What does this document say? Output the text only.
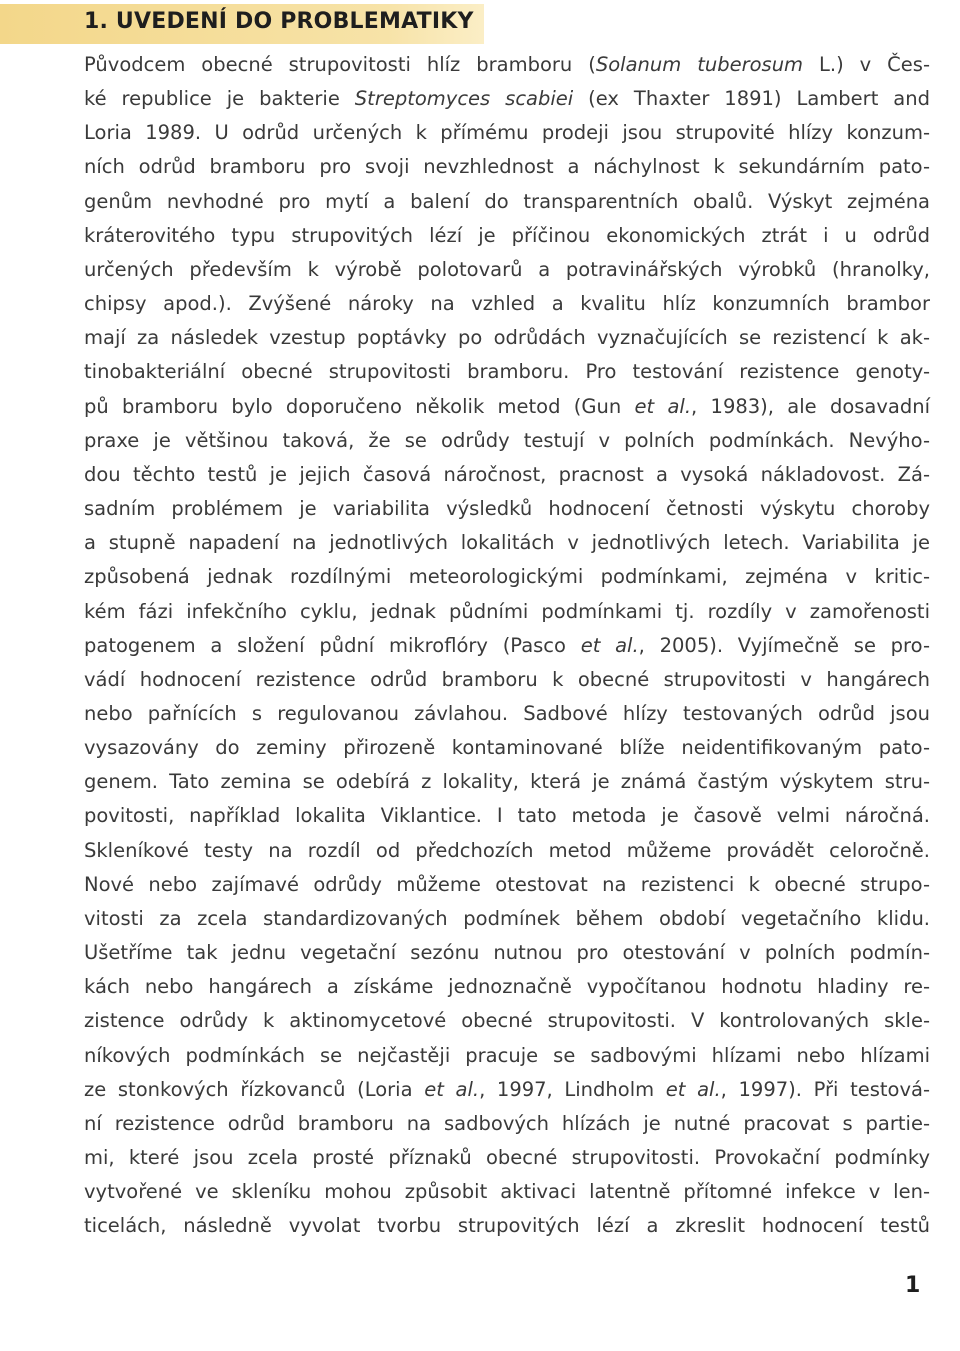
1. UVEDENÍ DO PROBLEMATIKY
Původcem obecné strupovitosti hlíz bramboru (Solanum tuberosum L.) v Čes-
ké republice je bakterie Streptomyces scabiei (ex Thaxter 1891) Lambert and
Loria 1989. U odrůd určených k přímému prodeji jsou strupovité hlízy konzum-
ních odrůd bramboru pro svoji nevzhlednost a náchylnost k sekundárním pato-
genům nevhodné pro mytí a balení do transparentních obalů. Výskyt zejména
kráterovitého typu strupovitých lézí je příčinou ekonomických ztrát i u odrůd
určených především k výrobě polotovarů a potravinářských výrobků (hranolky,
chipsy apod.). Zvýšené nároky na vzhled a kvalitu hlíz konzumních brambor
mají za následek vzestup poptávky po odrůdách vyznačujících se rezistencí k ak-
tinobakteriální obecné strupovitosti bramboru. Pro testování rezistence genoty-
pů bramboru bylo doporučeno několik metod (Gun et al., 1983), ale dosavadní
praxe je většinou taková, že se odrůdy testují v polních podmínkách. Nevýho-
dou těchto testů je jejich časová náročnost, pracnost a vysoká nákladovost. Zá-
sadním problémem je variabilita výsledků hodnocení četnosti výskytu choroby
a stupně napadení na jednotlivých lokalitách v jednotlivých letech. Variabilita je
způsobená jednak rozdílnými meteorologickými podmínkami, zejména v kritic-
kém fázi infekčního cyklu, jednak půdními podmínkami tj. rozdíly v zamořenosti
patogenem a složení půdní mikroflóry (Pasco et al., 2005). Vyjímečně se pro-
vádí hodnocení rezistence odrůd bramboru k obecné strupovitosti v hangárech
nebo pařnících s regulovanou závlahou. Sadbové hlízy testovaných odrůd jsou
vysazovány do zeminy přirozeně kontaminované blíže neidentifikovaným pato-
genem. Tato zemina se odebírá z lokality, která je známá častým výskytem stru-
povitosti, například lokalita Viklantice. I tato metoda je časově velmi náročná.
Skleníkové testy na rozdíl od předchozích metod můžeme provádět celoročně.
Nové nebo zajímavé odrůdy můžeme otestovat na rezistenci k obecné strupo-
vitosti za zcela standardizovaných podmínek během období vegetačního klidu.
Ušetříme tak jednu vegetační sezónu nutnou pro otestování v polních podmín-
kách nebo hangárech a získáme jednoznačně vypočítanou hodnotu hladiny re-
zistence odrůdy k aktinomycetové obecné strupovitosti. V kontrolovaných skle-
níkových podmínkách se nejčastěji pracuje se sadbovými hlízami nebo hlízami
ze stonkových řízkovanců (Loria et al., 1997, Lindholm et al., 1997). Při testová-
ní rezistence odrůd bramboru na sadbových hlízách je nutné pracovat s partie-
mi, které jsou zcela prosté příznaků obecné strupovitosti. Provokační podmínky
vytvořené ve skleníku mohou způsobit aktivaci latentně přítomné infekce v len-
ticelách, následně vyvolat tvorbu strupovitých lézí a zkreslit hodnocení testů
1
